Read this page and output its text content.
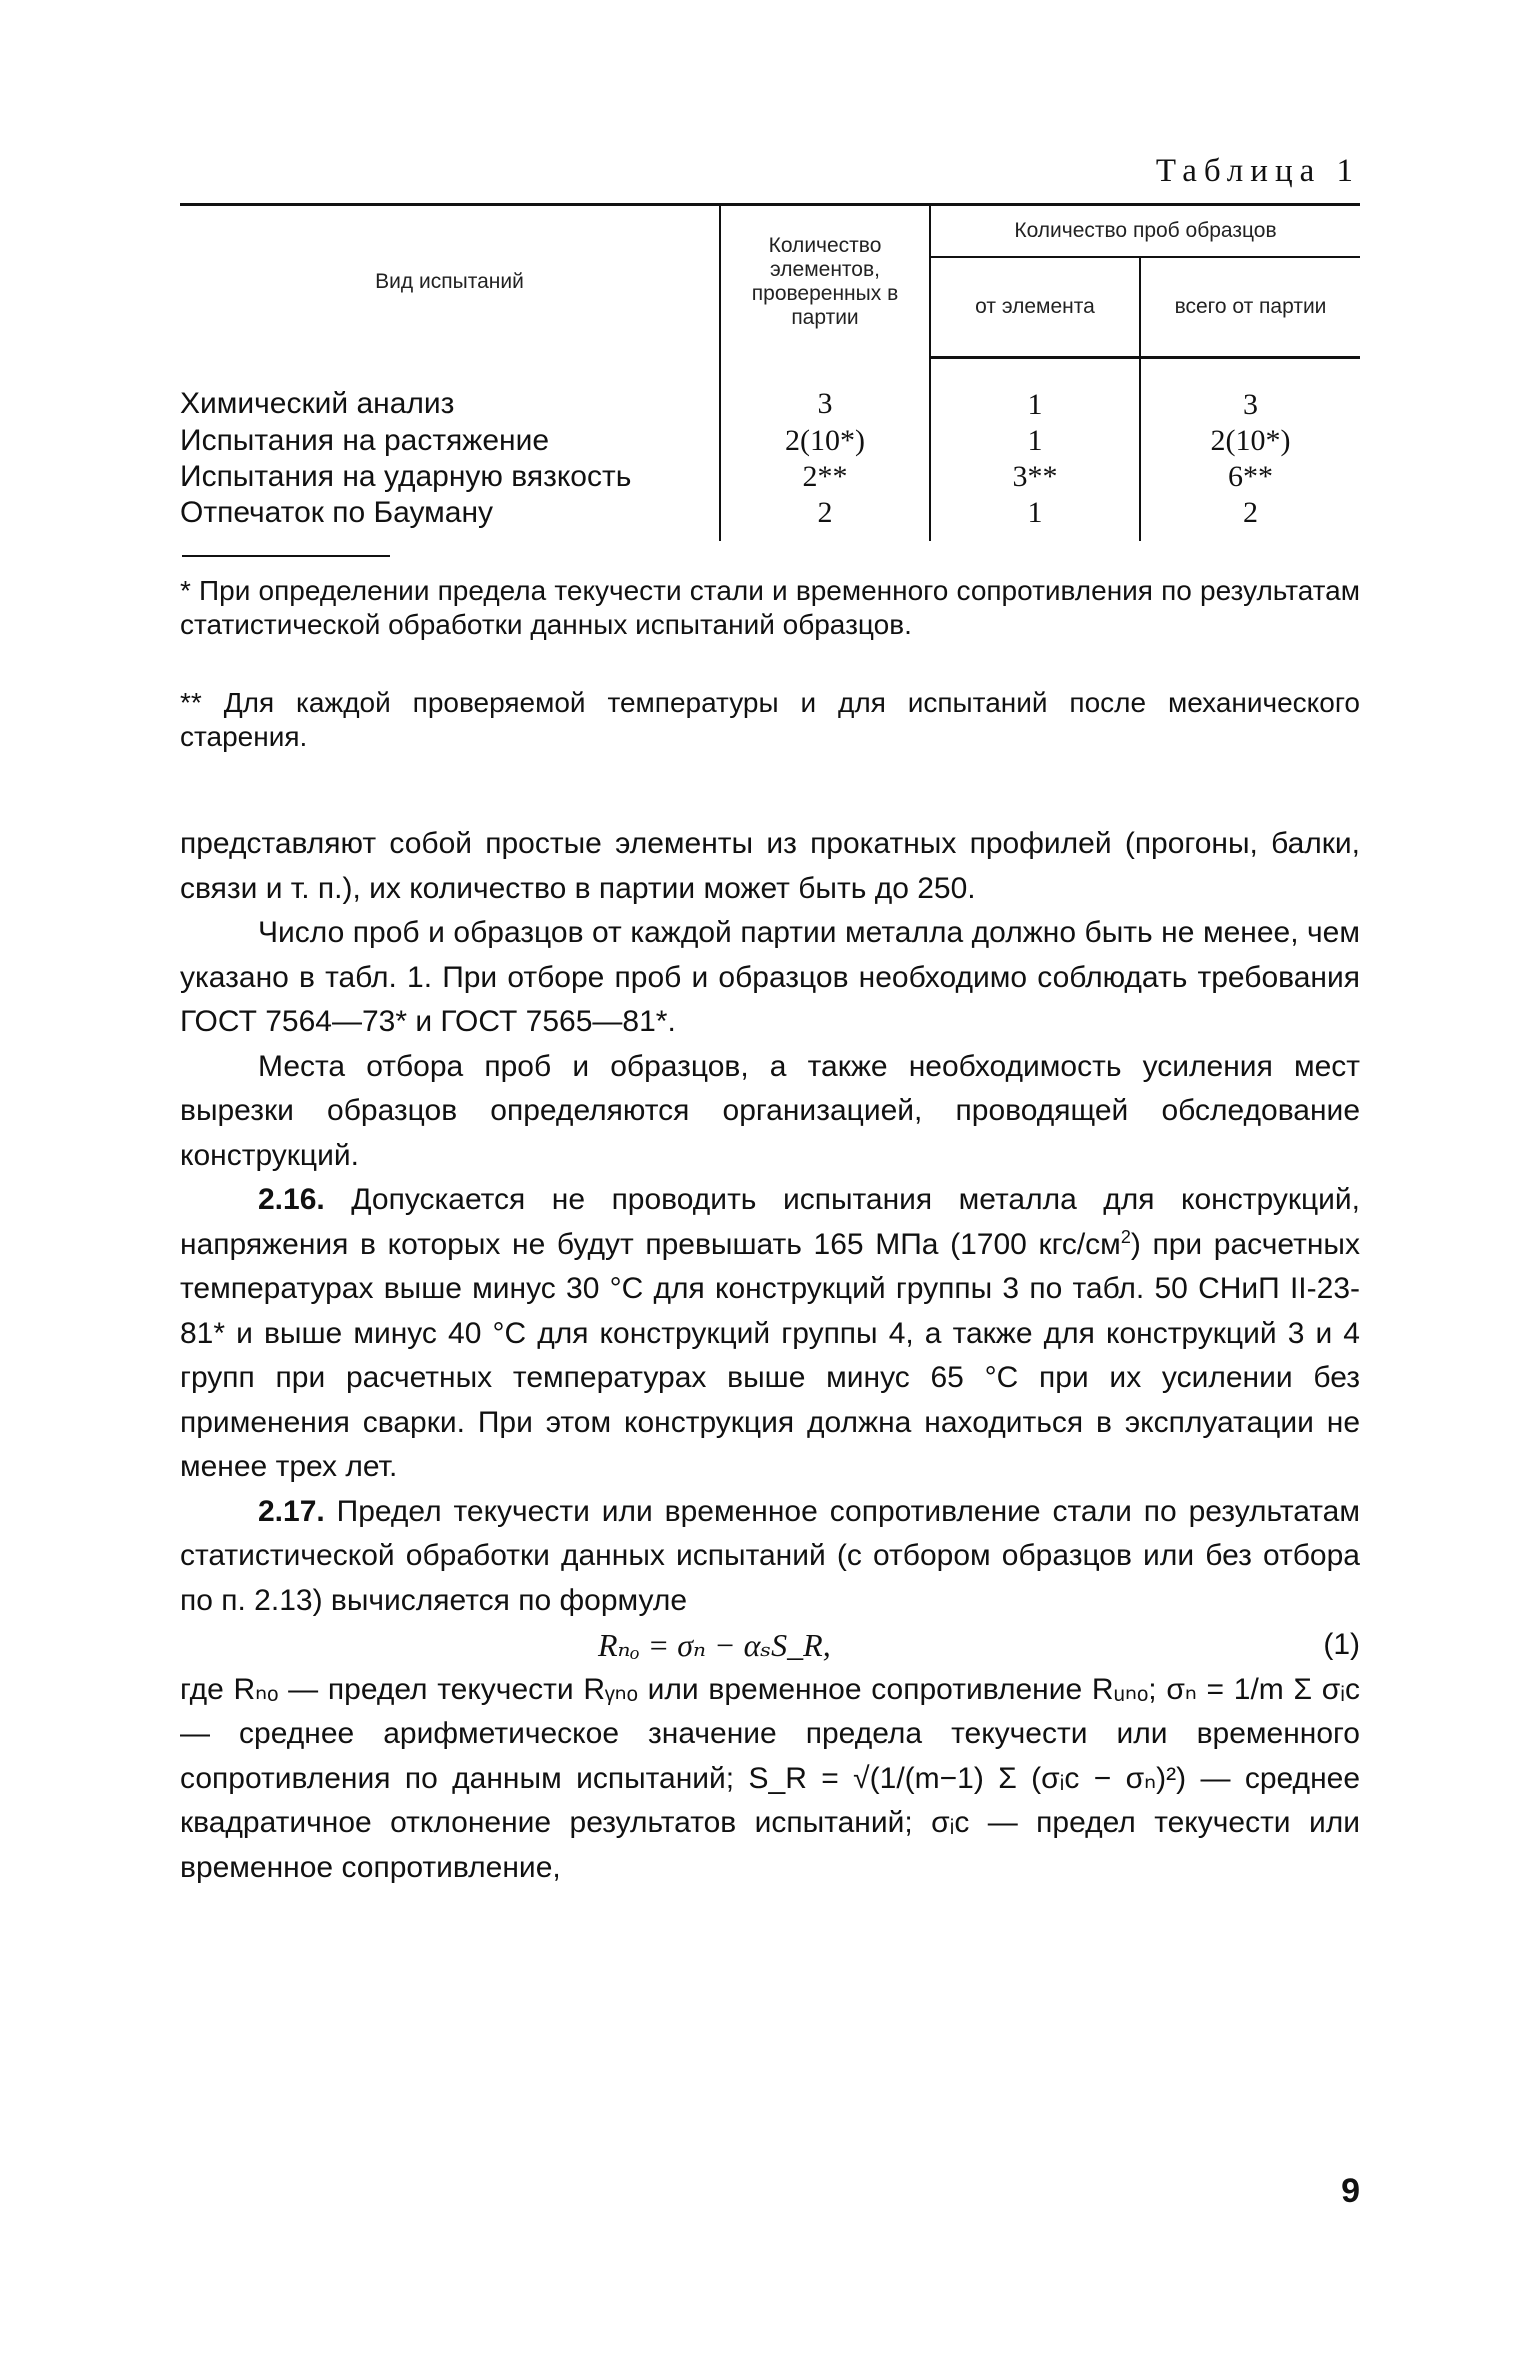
Таблица 1
Вид испытаний	Количество элементов, проверенных в партии	Количество проб образцов	
		от элемента	всего от партии
Химический анализ	3	1	3
Испытания на растяжение	2(10*)	1	2(10*)
Испытания на ударную вязкость	2**	3**	6**
Отпечаток по Бауману	2	1	2
* При определении предела текучести стали и временного сопротивления по результатам статистической обработки данных испытаний образцов.
** Для каждой проверяемой температуры и для испытаний после механического старения.

представляют собой простые элементы из прокатных профилей (прогоны, балки, связи и т. п.), их количество в партии может быть до 250.

Число проб и образцов от каждой партии металла должно быть не менее, чем указано в табл. 1. При отборе проб и образцов необходимо соблюдать требования ГОСТ 7564—73* и ГОСТ 7565—81*.

Места отбора проб и образцов, а также необходимость усиления мест вырезки образцов определяются организацией, проводящей обследование конструкций.

2.16. Допускается не проводить испытания металла для конструкций, напряжения в которых не будут превышать 165 МПа (1700 кгс/$см^2$) при расчетных температурах выше минус 30 °С для конструкций группы 3 по табл. 50 СНиП II-23-81* и выше минус 40 °С для конструкций группы 4, а также для конструкций 3 и 4 групп при расчетных температурах выше минус 65 °С при их усилении без применения сварки. При этом конструкция должна находиться в эксплуатации не менее трех лет.

2.17. Предел текучести или временное сопротивление стали по результатам статистической обработки данных испытаний (с отбором образцов или без отбора по п. 2.13) вычисляется по формуле

Rₙₒ = σₙ − αₛS_R,	(1)

где Rₙₒ — предел текучести Rᵧₙₒ или временное сопротивление Rᵤₙₒ; σₙ = 1/m Σ σᵢc — среднее арифметическое значение предела текучести или временного сопротивления по данным испытаний; S_R = √(1/(m−1) Σ (σᵢc − σₙ)²) — среднее квадратичное отклонение результатов испытаний; σᵢc — предел текучести или временное сопротивление,

9
